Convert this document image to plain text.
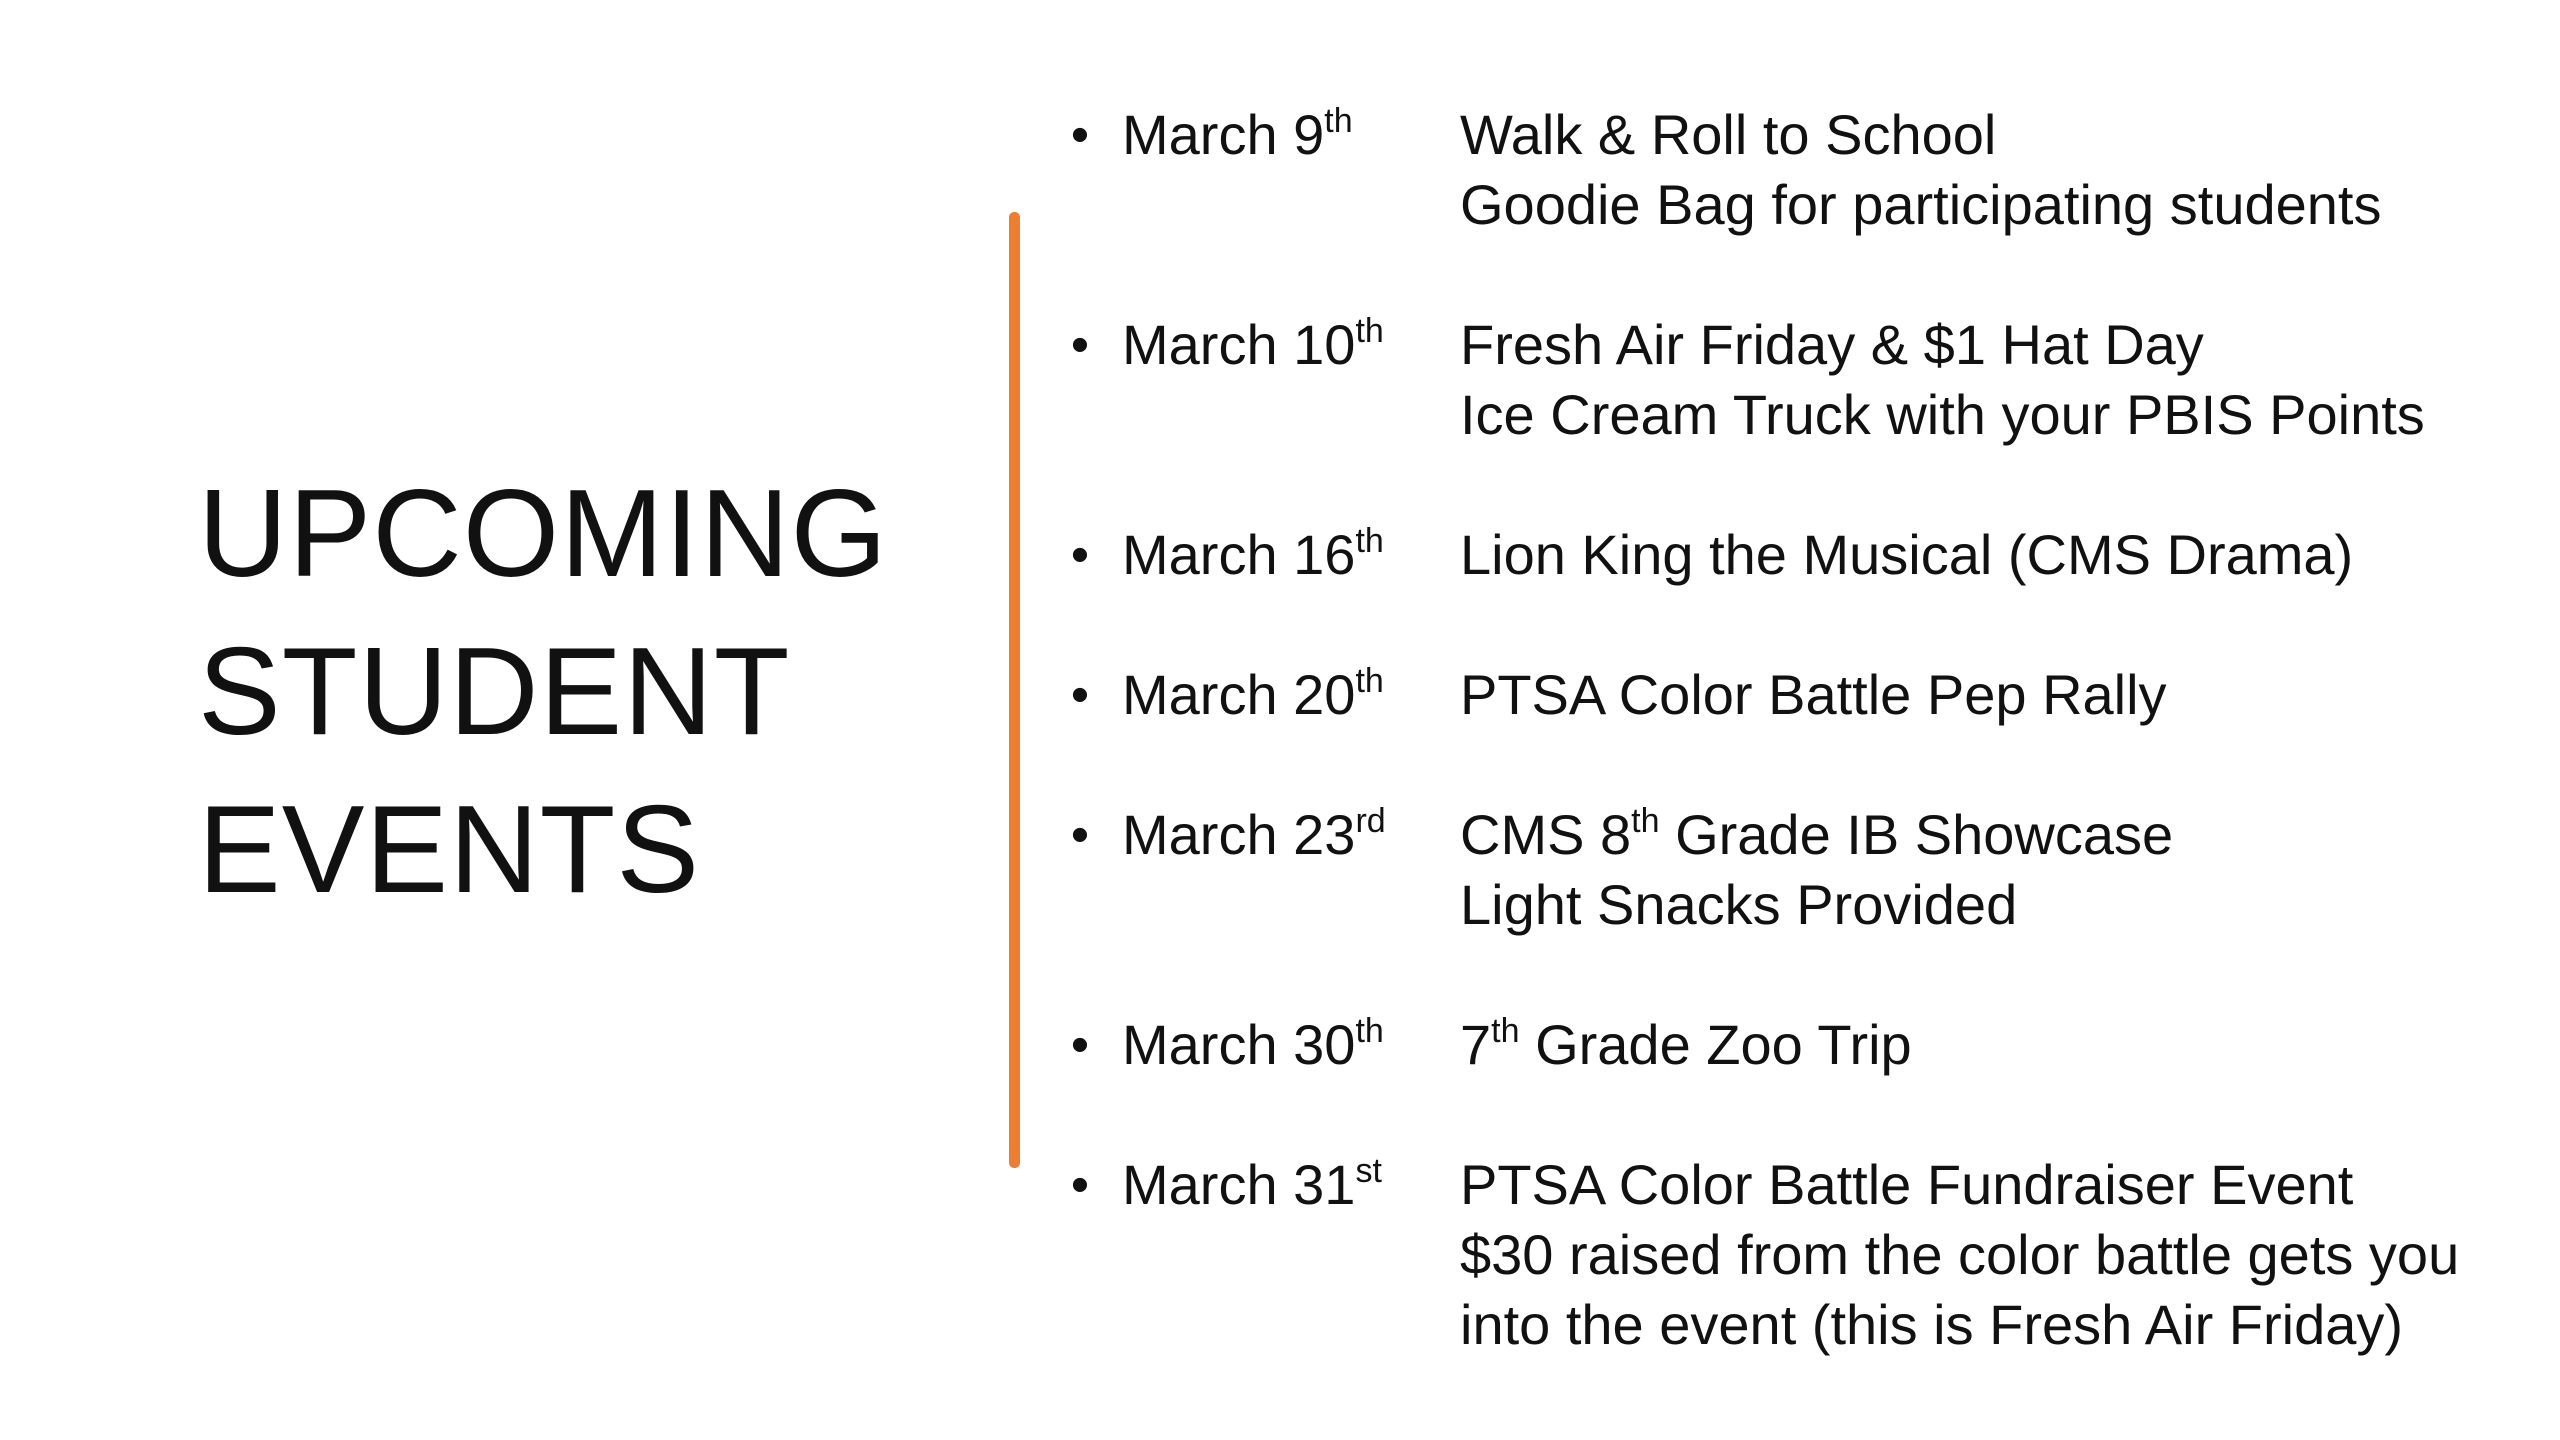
UPCOMING
STUDENT
EVENTS
• March 9th Walk & Roll to School
Goodie Bag for participating students
• March 10th Fresh Air Friday & $1 Hat Day
Ice Cream Truck with your PBIS Points
• March 16th Lion King the Musical (CMS Drama)
• March 20th PTSA Color Battle Pep Rally
• March 23rd CMS 8th Grade IB Showcase
Light Snacks Provided
• March 30th 7th Grade Zoo Trip
• March 31st PTSA Color Battle Fundraiser Event
$30 raised from the color battle gets you
into the event (this is Fresh Air Friday)
